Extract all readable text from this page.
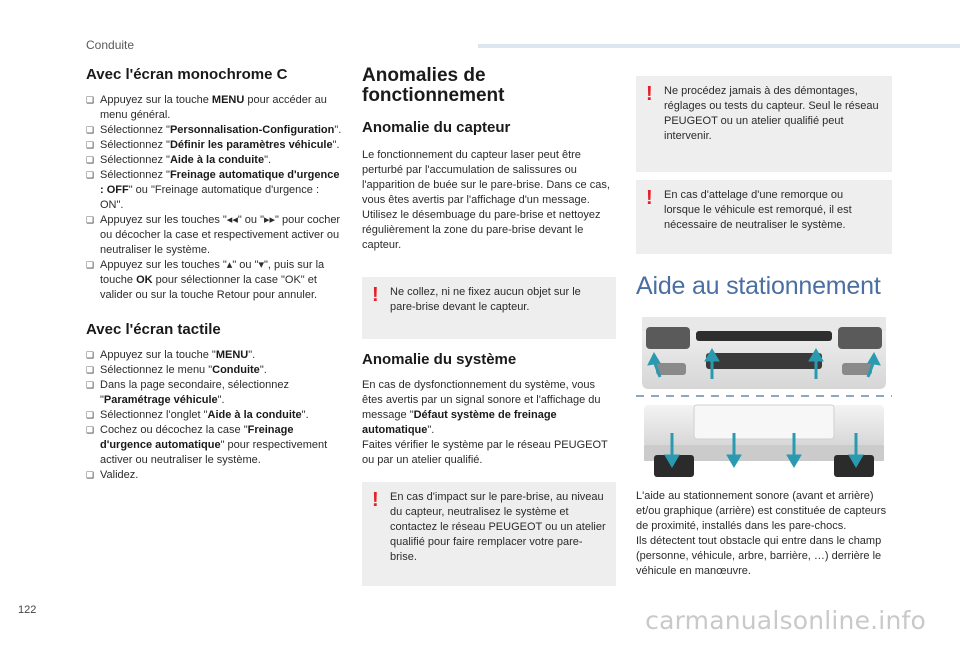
Conduite
Avec l'écran monochrome C
❑ Appuyez sur la touche MENU pour accéder au menu général.
❑ Sélectionnez "Personnalisation-Configuration".
❑ Sélectionnez "Définir les paramètres véhicule".
❑ Sélectionnez "Aide à la conduite".
❑ Sélectionnez "Freinage automatique d'urgence : OFF" ou "Freinage automatique d'urgence : ON".
❑ Appuyez sur les touches "◂◂" ou "▸▸" pour cocher ou décocher la case et respectivement activer ou neutraliser le système.
❑ Appuyez sur les touches "▴" ou "▾", puis sur la touche OK pour sélectionner la case "OK" et valider ou sur la touche Retour pour annuler.
Avec l'écran tactile
❑ Appuyez sur la touche "MENU".
❑ Sélectionnez le menu "Conduite".
❑ Dans la page secondaire, sélectionnez "Paramétrage véhicule".
❑ Sélectionnez l'onglet "Aide à la conduite".
❑ Cochez ou décochez la case "Freinage d'urgence automatique" pour respectivement activer ou neutraliser le système.
❑ Validez.
Anomalies de fonctionnement
Anomalie du capteur

Le fonctionnement du capteur laser peut être perturbé par l'accumulation de salissures ou l'apparition de buée sur le pare-brise. Dans ce cas, vous êtes avertis par l'affichage d'un message.

Utilisez le désembuage du pare-brise et nettoyez régulièrement la zone du pare-brise devant le capteur.

! Ne collez, ni ne fixez aucun objet sur le pare-brise devant le capteur.
Anomalie du système

En cas de dysfonctionnement du système, vous êtes avertis par un signal sonore et l'affichage du message "Défaut système de freinage automatique".

Faites vérifier le système par le réseau PEUGEOT ou par un atelier qualifié.

! En cas d'impact sur le pare-brise, au niveau du capteur, neutralisez le système et contactez le réseau PEUGEOT ou un atelier qualifié pour faire remplacer votre pare-brise.
! Ne procédez jamais à des démontages, réglages ou tests du capteur. Seul le réseau PEUGEOT ou un atelier qualifié peut intervenir.
! En cas d'attelage d'une remorque ou lorsque le véhicule est remorqué, il est nécessaire de neutraliser le système.
Aide au stationnement

L'aide au stationnement sonore (avant et arrière) et/ou graphique (arrière) est constituée de capteurs de proximité, installés dans les pare-chocs.

Ils détectent tout obstacle qui entre dans le champ (personne, véhicule, arbre, barrière, …) derrière le véhicule en manœuvre.

122	carmanualsonline.info
